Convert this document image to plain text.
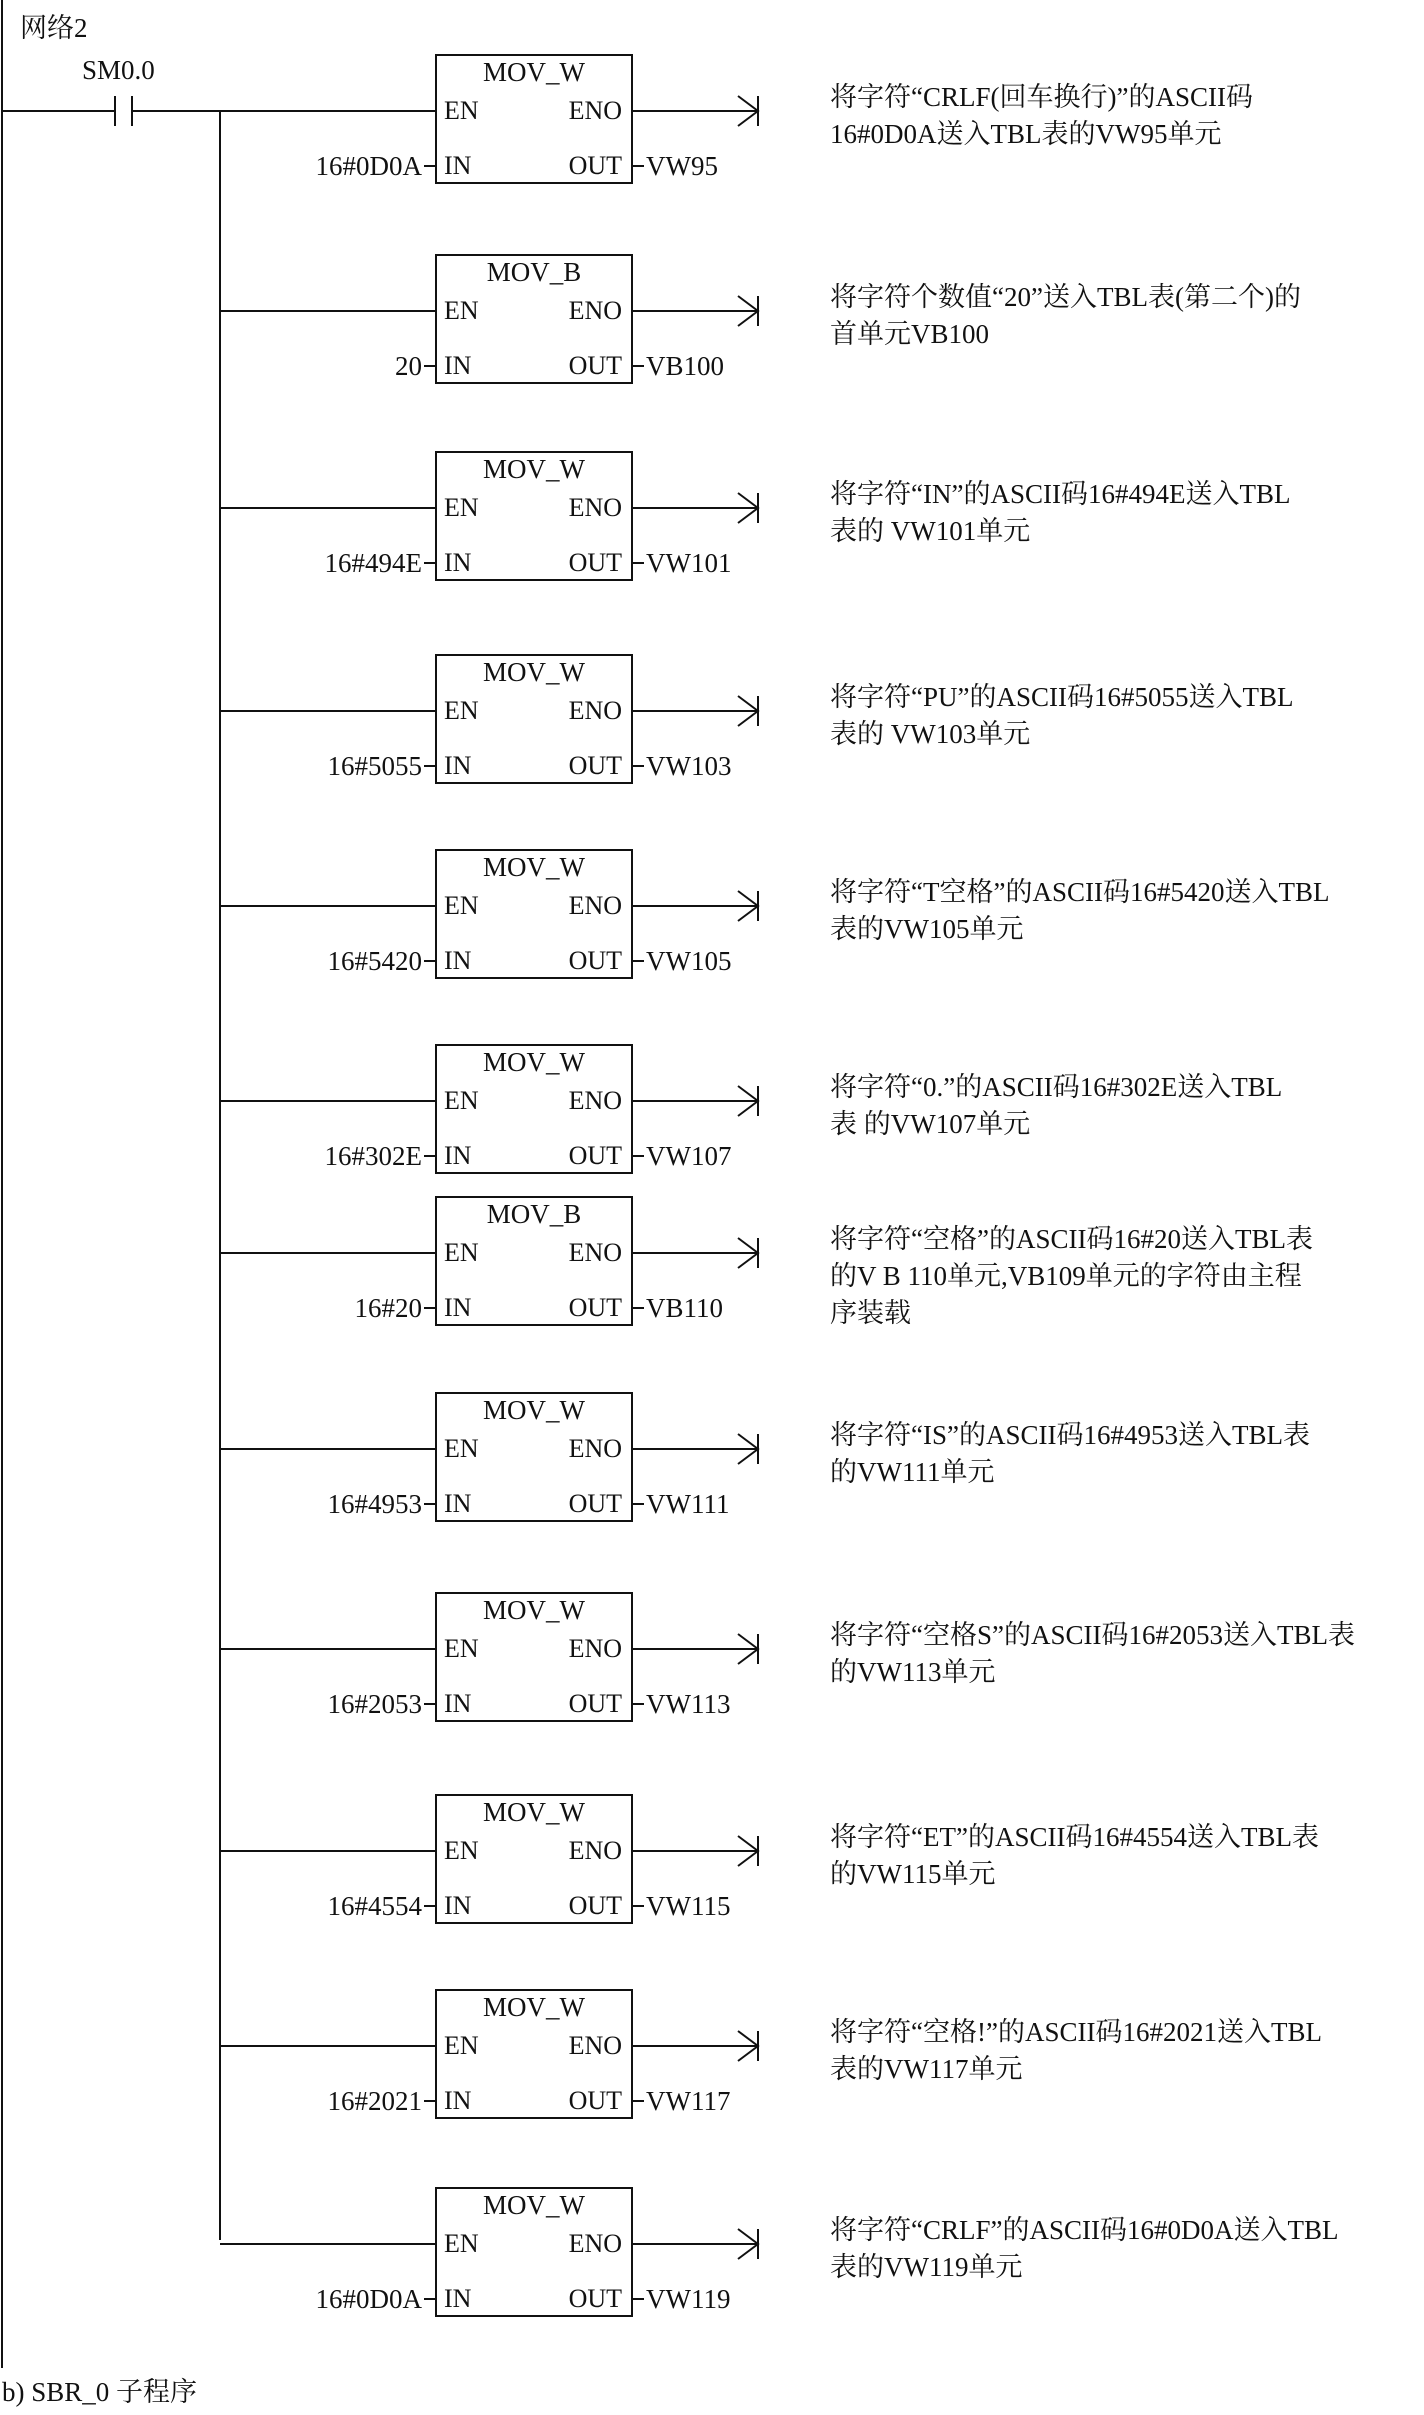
网络2
SM0.0
b) SBR_0 子程序
MOV_W
EN	ENO
IN	OUT
16#0D0A	VW95
MOV_B
EN	ENO
IN	OUT
20	VB100
MOV_W
EN	ENO
IN	OUT
16#494E	VW101
MOV_W
EN	ENO
IN	OUT
16#5055	VW103
MOV_W
EN	ENO
IN	OUT
16#5420	VW105
MOV_W
EN	ENO
IN	OUT
16#302E	VW107
MOV_B
EN	ENO
IN	OUT
16#20	VB110
MOV_W
EN	ENO
IN	OUT
16#4953	VW111
MOV_W
EN	ENO
IN	OUT
16#2053	VW113
MOV_W
EN	ENO
IN	OUT
16#4554	VW115
MOV_W
EN	ENO
IN	OUT
16#2021	VW117
MOV_W
EN	ENO
IN	OUT
16#0D0A	VW119
将字符“CRLF(回车换行)”的ASCII码
16#0D0A送入TBL表的VW95单元
将字符个数值“20”送入TBL表(第二个)的
首单元VB100
将字符“IN”的ASCII码16#494E送入TBL
表的 VW101单元
将字符“PU”的ASCII码16#5055送入TBL
表的 VW103单元
将字符“T空格”的ASCII码16#5420送入TBL
表的VW105单元
将字符“0.”的ASCII码16#302E送入TBL
表 的VW107单元
将字符“空格”的ASCII码16#20送入TBL表
的V B 110单元,VB109单元的字符由主程
序装载
将字符“IS”的ASCII码16#4953送入TBL表
的VW111单元
将字符“空格S”的ASCII码16#2053送入TBL表
的VW113单元
将字符“ET”的ASCII码16#4554送入TBL表
的VW115单元
将字符“空格!”的ASCII码16#2021送入TBL
表的VW117单元
将字符“CRLF”的ASCII码16#0D0A送入TBL
表的VW119单元
